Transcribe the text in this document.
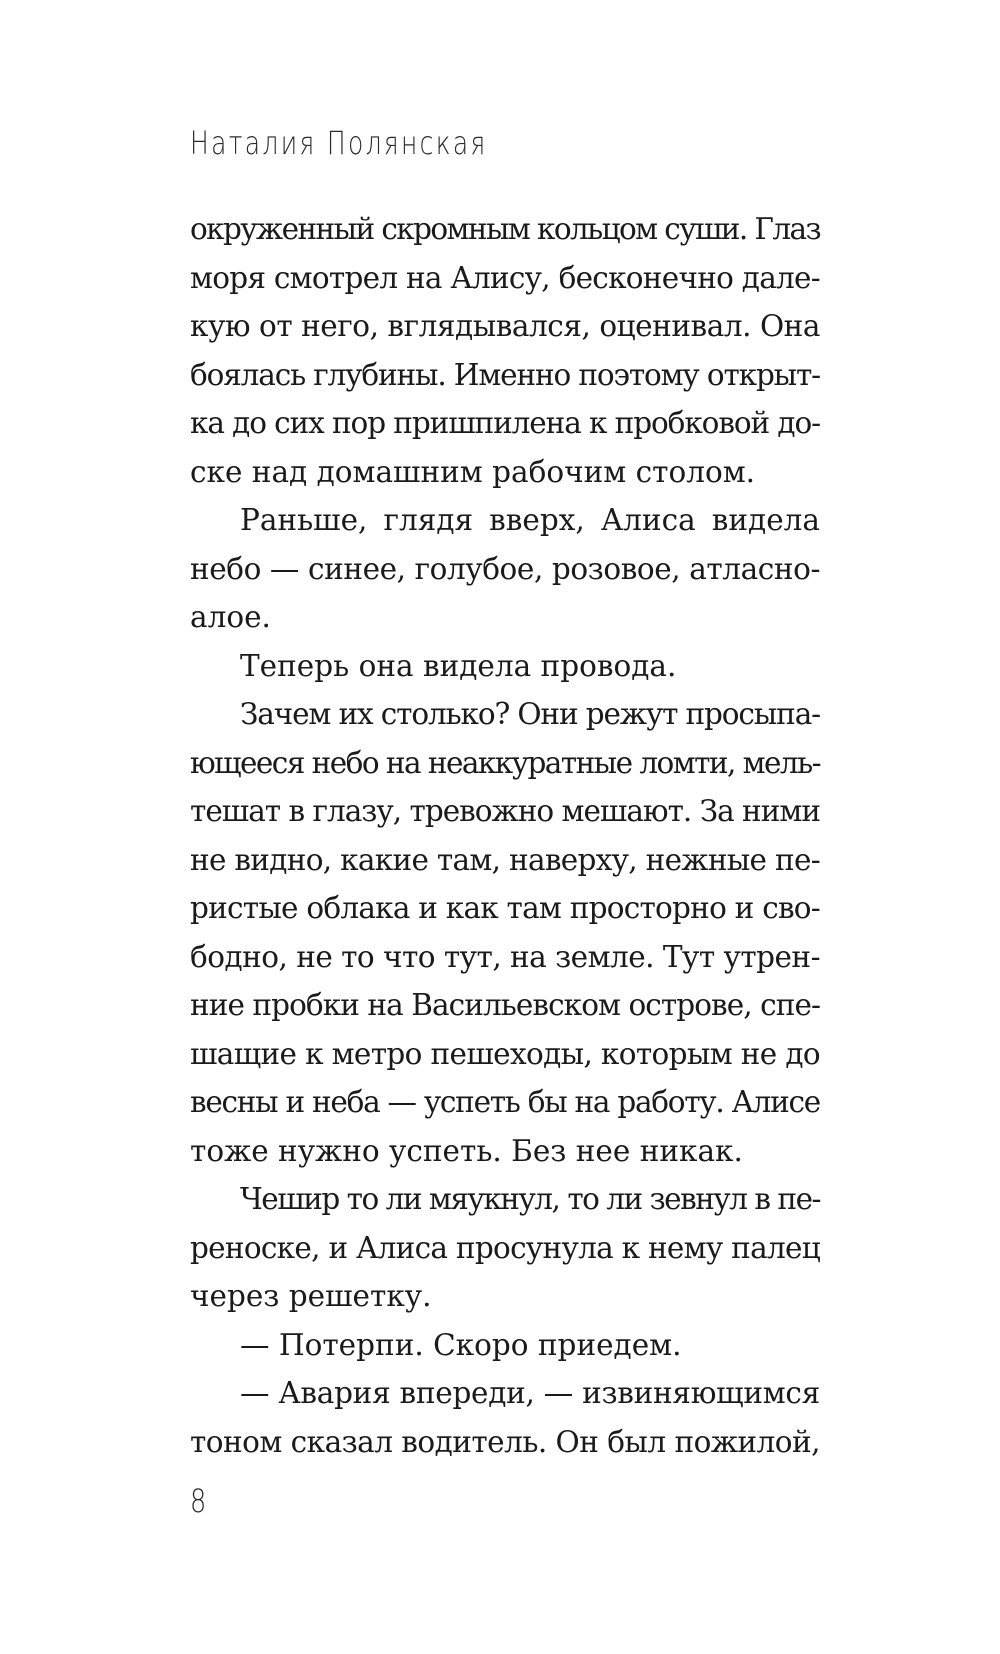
Наталия Полянская
окруженный скромным кольцом суши. Глаз
моря смотрел на Алису, бесконечно дале-
кую от него, вглядывался, оценивал. Она
боялась глубины. Именно поэтому открыт-
ка до сих пор пришпилена к пробковой до-
ске над домашним рабочим столом.
Раньше, глядя вверх, Алиса видела
небо — синее, голубое, розовое, атласно-
алое.
Теперь она видела провода.
Зачем их столько? Они режут просыпа-
ющееся небо на неаккуратные ломти, мель-
тешат в глазу, тревожно мешают. За ними
не видно, какие там, наверху, нежные пе-
ристые облака и как там просторно и сво-
бодно, не то что тут, на земле. Тут утрен-
ние пробки на Васильевском острове, спе-
шащие к метро пешеходы, которым не до
весны и неба — успеть бы на работу. Алисе
тоже нужно успеть. Без нее никак.
Чешир то ли мяукнул, то ли зевнул в пе-
реноске, и Алиса просунула к нему палец
через решетку.
— Потерпи. Скоро приедем.
— Авария впереди, — извиняющимся
тоном сказал водитель. Он был пожилой,
8
